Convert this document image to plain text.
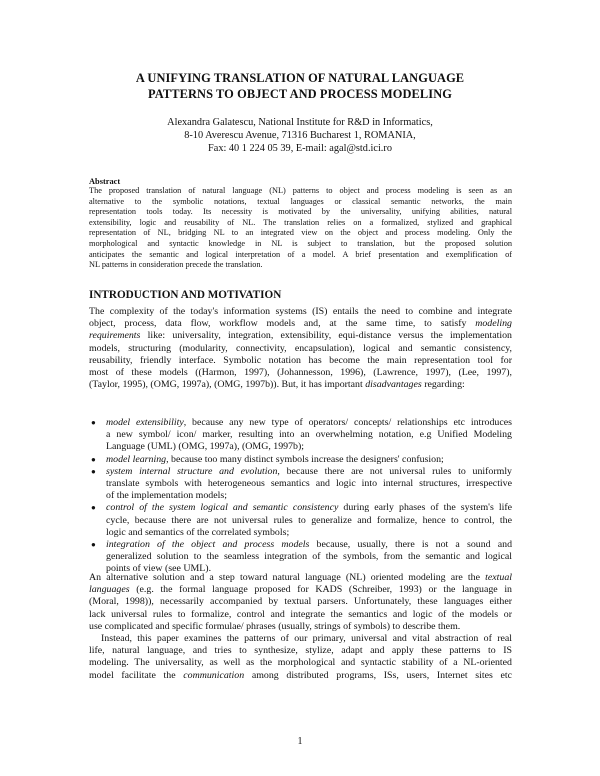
A UNIFYING TRANSLATION OF NATURAL LANGUAGE
PATTERNS TO OBJECT AND PROCESS MODELING
Alexandra Galatescu, National Institute for R&D in Informatics,
8-10 Averescu Avenue, 71316 Bucharest 1, ROMANIA,
Fax: 40 1 224 05 39, E-mail: agal@std.ici.ro
Abstract
The proposed translation of natural language (NL) patterns to object and process modeling is seen as an
alternative to the symbolic notations, textual languages or classical semantic networks, the main
representation tools today. Its necessity is motivated by the universality, unifying abilities, natural
extensibility, logic and reusability of NL. The translation relies on a formalized, stylized and graphical
representation of NL, bridging NL to an integrated view on the object and process modeling. Only the
morphological and syntactic knowledge in NL is subject to translation, but the proposed solution
anticipates the semantic and logical interpretation of a model. A brief presentation and exemplification of
NL patterns in consideration precede the translation.
INTRODUCTION AND MOTIVATION
The complexity of the today's information systems (IS) entails the need to combine and integrate
object, process, data flow, workflow models and, at the same time, to satisfy modeling
requirements like: universality, integration, extensibility, equi-distance versus the implementation
models, structuring (modularity, connectivity, encapsulation), logical and semantic consistency,
reusability, friendly interface. Symbolic notation has become the main representation tool for
most of these models ((Harmon, 1997), (Johannesson, 1996), (Lawrence, 1997), (Lee, 1997),
(Taylor, 1995), (OMG, 1997a), (OMG, 1997b)). But, it has important disadvantages regarding:
● model extensibility, because any new type of operators/ concepts/ relationships etc introduces
a new symbol/ icon/ marker, resulting into an overwhelming notation, e.g Unified Modeling
Language (UML) (OMG, 1997a), (OMG, 1997b);
● model learning, because too many distinct symbols increase the designers' confusion;
● system internal structure and evolution, because there are not universal rules to uniformly
translate symbols with heterogeneous semantics and logic into internal structures, irrespective
of the implementation models;
● control of the system logical and semantic consistency during early phases of the system's life
cycle, because there are not universal rules to generalize and formalize, hence to control, the
logic and semantics of the correlated symbols;
● integration of the object and process models because, usually, there is not a sound and
generalized solution to the seamless integration of the symbols, from the semantic and logical
points of view (see UML).
An alternative solution and a step toward natural language (NL) oriented modeling are the textual
languages (e.g. the formal language proposed for KADS (Schreiber, 1993) or the language in
(Moral, 1998)), necessarily accompanied by textual parsers. Unfortunately, these languages either
lack universal rules to formalize, control and integrate the semantics and logic of the models or
use complicated and specific formulae/ phrases (usually, strings of symbols) to describe them.
Instead, this paper examines the patterns of our primary, universal and vital abstraction of real
life, natural language, and tries to synthesize, stylize, adapt and apply these patterns to IS
modeling. The universality, as well as the morphological and syntactic stability of a NL-oriented
model facilitate the communication among distributed programs, ISs, users, Internet sites etc
1
